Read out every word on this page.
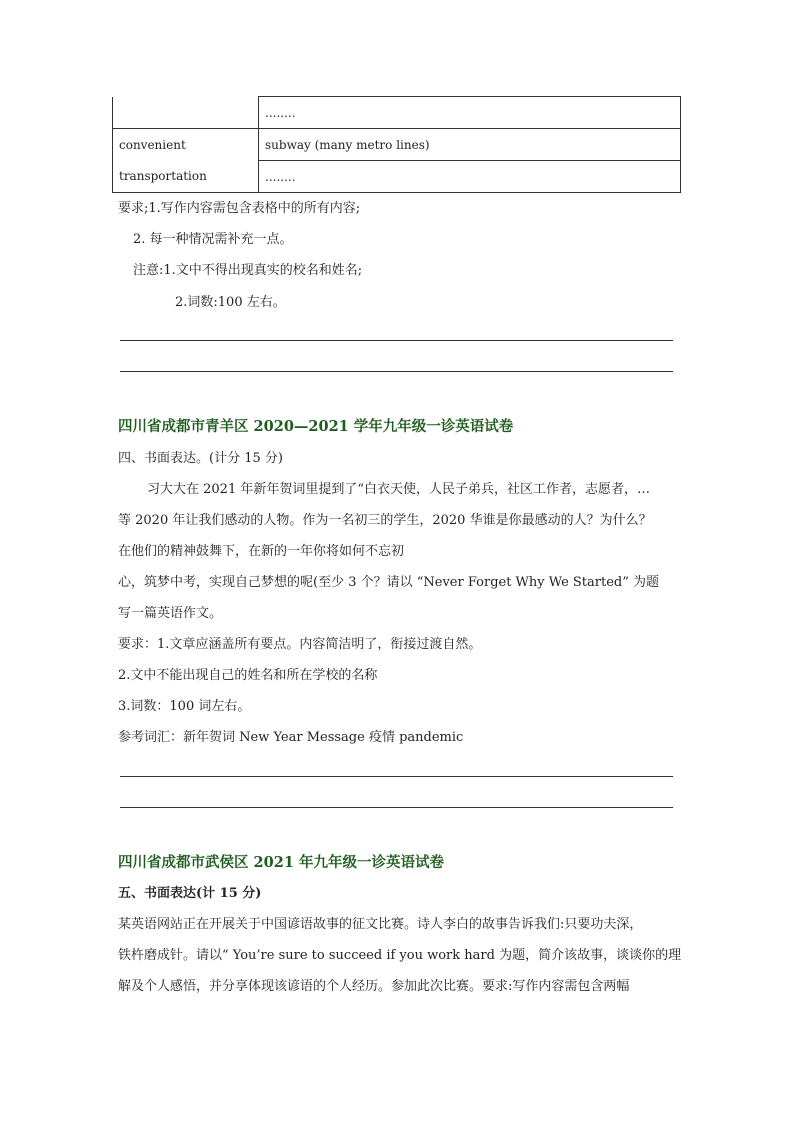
	........
convenient	subway (many metro lines)
transportation	........
要求;1.写作内容需包含表格中的所有内容;
2. 每一种情况需补充一点。
注意:1.文中不得出现真实的校名和姓名;
2.词数:100 左右。
四川省成都市青羊区 2020—2021 学年九年级一诊英语试卷
四、书面表达。(计分 15 分)
习大大在 2021 年新年贺词里提到了“白衣天使，人民子弟兵，社区工作者，志愿者，…
等 2020 年让我们感动的人物。作为一名初三的学生，2020 华谁是你最感动的人？为什么？
在他们的精神鼓舞下，在新的一年你将如何不忘初
心，筑梦中考，实现自己梦想的呢(至少 3 个？请以 “Never Forget Why We Started” 为题
写一篇英语作文。
要求：1.文章应涵盖所有要点。内容简洁明了，衔接过渡自然。
2.文中不能出现自己的姓名和所在学校的名称
3.词数：100 词左右。
参考词汇：新年贺词 New Year Message 疫情 pandemic
四川省成都市武侯区 2021 年九年级一诊英语试卷
五、书面表达(计 15 分)
某英语网站正在开展关于中国谚语故事的征文比赛。诗人李白的故事告诉我们:只要功夫深，
铁杵磨成针。请以“ You’re sure to succeed if you work hard 为题，简介该故事，谈谈你的理
解及个人感悟，并分享体现该谚语的个人经历。参加此次比赛。要求:写作内容需包含两幅
